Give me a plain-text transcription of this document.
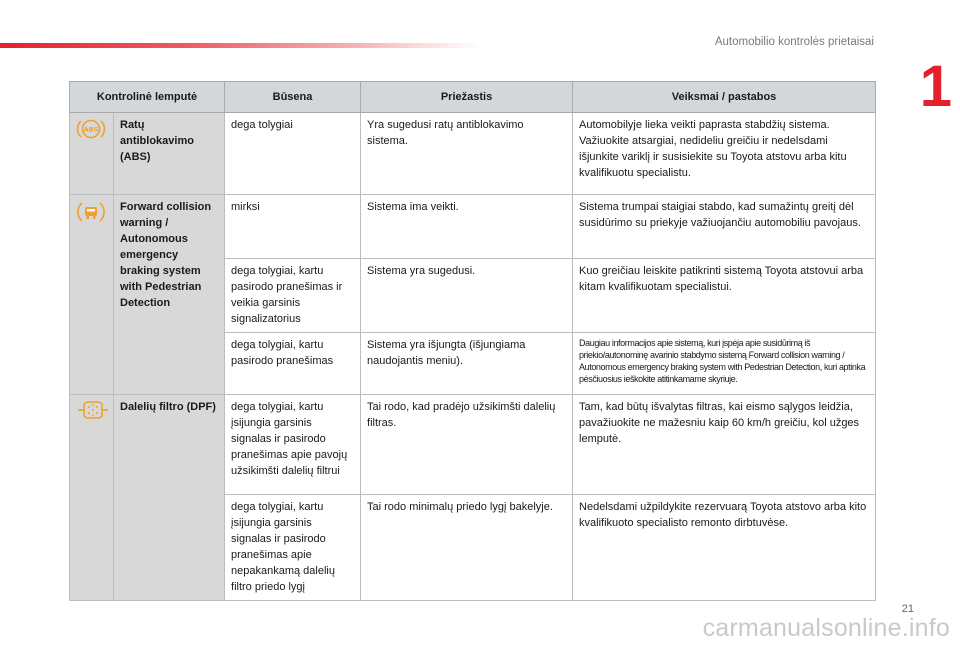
Automobilio kontrolės prietaisai
1
Kontrolinė lemputė		Būsena	Priežastis	Veiksmai / pastabos

ABS	Ratų antiblokavimo (ABS)	dega tolygiai	Yra sugedusi ratų antiblokavimo sistema.	Automobilyje lieka veikti paprasta stabdžių sistema. Važiuokite atsargiai, nedideliu greičiu ir nedelsdami išjunkite variklį ir susisiekite su Toyota atstovu arba kitu kvalifikuotu specialistu.

	Forward collision warning / Autonomous emergency braking system with Pedestrian Detection	mirksi	Sistema ima veikti.	Sistema trumpai staigiai stabdo, kad sumažintų greitį dėl susidūrimo su priekyje važiuojančiu automobiliu pavojaus.
		dega tolygiai, kartu pasirodo pranešimas ir veikia garsinis signalizatorius	Sistema yra sugedusi.	Kuo greičiau leiskite patikrinti sistemą Toyota atstovui arba kitam kvalifikuotam specialistui.
		dega tolygiai, kartu pasirodo pranešimas	Sistema yra išjungta (išjungiama naudojantis meniu).	Daugiau informacijos apie sistemą, kuri įspėja apie susidūrimą iš priekio/autonominę avarinio stabdymo sistemą Forward collision warning / Autonomous emergency braking system with Pedestrian Detection, kuri aptinka pėsčiuosius ieškokite atitinkamame skyriuje.

	Dalelių filtro (DPF)	dega tolygiai, kartu įsijungia garsinis signalas ir pasirodo pranešimas apie pavojų užsikimšti dalelių filtrui	Tai rodo, kad pradėjo užsikimšti dalelių filtras.	Tam, kad būtų išvalytas filtras, kai eismo sąlygos leidžia, pavažiuokite ne mažesniu kaip 60 km/h greičiu, kol užges lemputė.
		dega tolygiai, kartu įsijungia garsinis signalas ir pasirodo pranešimas apie nepakankamą dalelių filtro priedo lygį	Tai rodo minimalų priedo lygį bakelyje.	Nedelsdami užpildykite rezervuarą Toyota atstovo arba kito kvalifikuoto specialisto remonto dirbtuvėse.
21
carmanualsonline.info
